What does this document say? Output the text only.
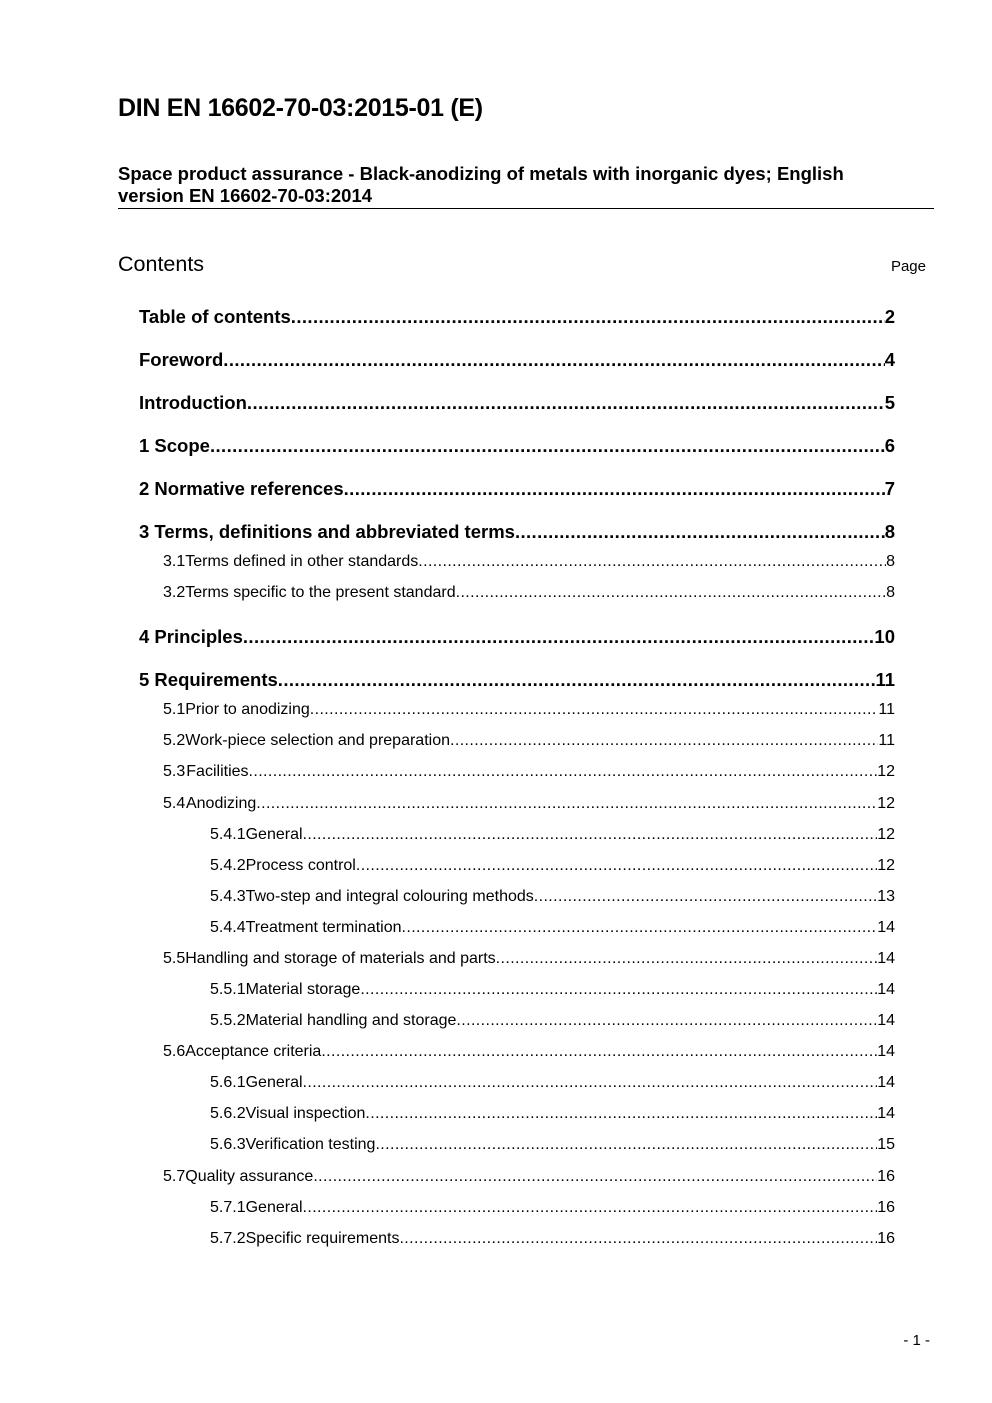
DIN EN 16602-70-03:2015-01 (E)
Space product assurance - Black-anodizing of metals with inorganic dyes; English
version EN 16602-70-03:2014
Contents	Page
Table of contents .....	2
Foreword .....	4
Introduction .....	5
1 Scope .....	6
2 Normative references .....	7
3 Terms, definitions and abbreviated terms .....	8
3.1 Terms defined in other standards .....	8
3.2 Terms specific to the present standard .....	8
4 Principles .....	10
5 Requirements .....	11
5.1 Prior to anodizing .....	11
5.2 Work-piece selection and preparation .....	11
5.3 Facilities .....	12
5.4 Anodizing .....	12
5.4.1 General .....	12
5.4.2 Process control .....	12
5.4.3 Two-step and integral colouring methods .....	13
5.4.4 Treatment termination .....	14
5.5 Handling and storage of materials and parts .....	14
5.5.1 Material storage .....	14
5.5.2 Material handling and storage .....	14
5.6 Acceptance criteria .....	14
5.6.1 General .....	14
5.6.2 Visual inspection .....	14
5.6.3 Verification testing .....	15
5.7 Quality assurance .....	16
5.7.1 General .....	16
5.7.2 Specific requirements .....	16
- 1 -
